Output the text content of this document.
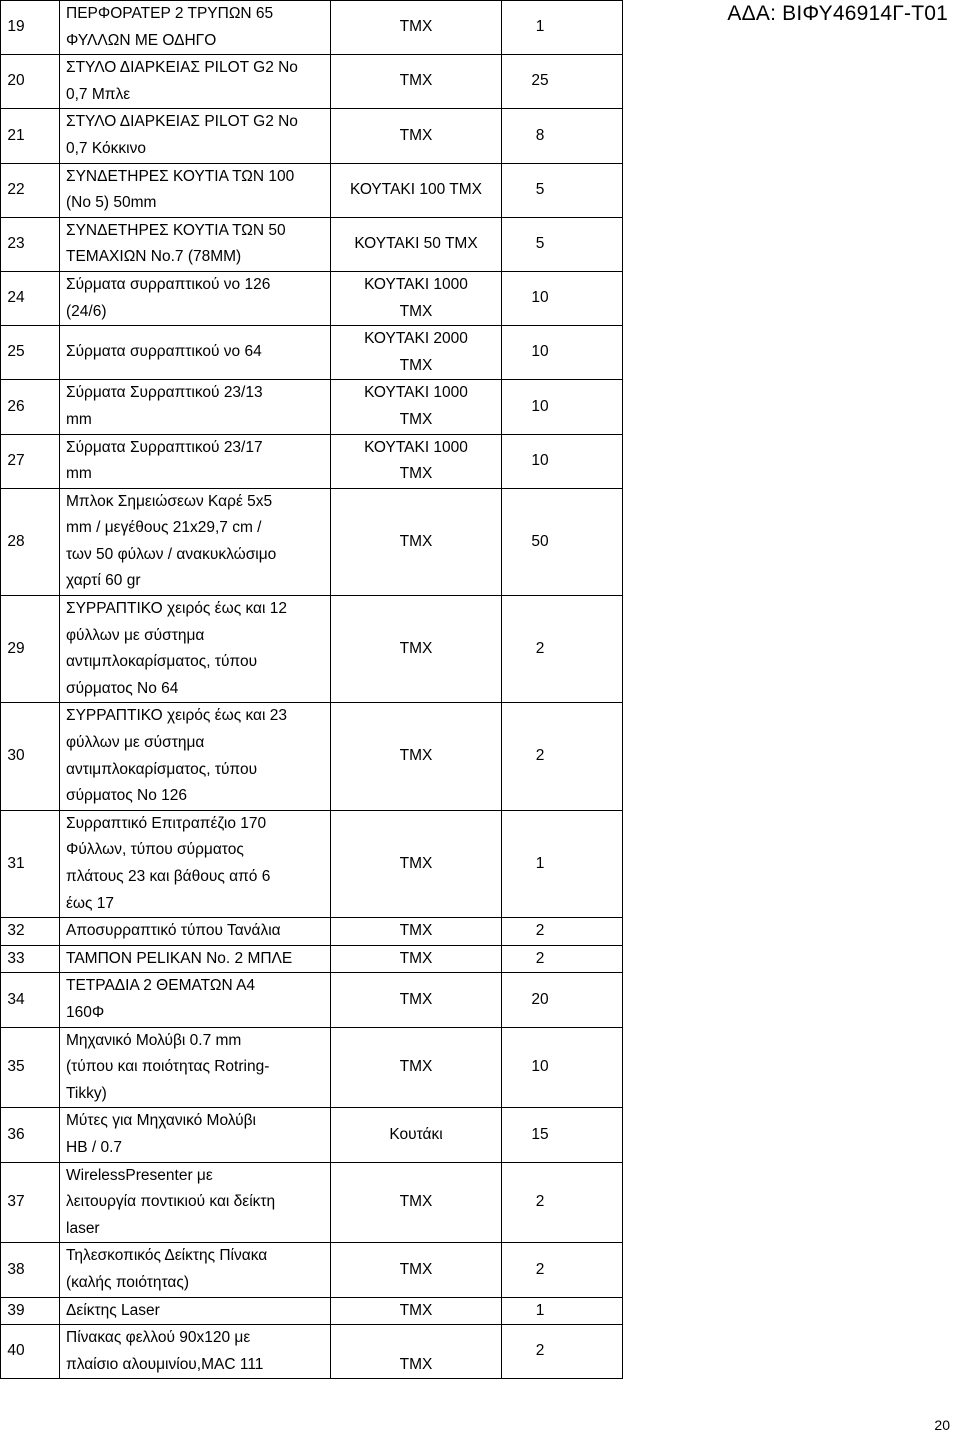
ΑΔΑ: ΒΙΦΥ46914Γ-Τ01
19	ΠΕΡΦΟΡΑΤΕΡ 2 ΤΡΥΠΩΝ 65
ΦΥΛΛΩΝ ΜΕ ΟΔΗΓΟ	ΤΜΧ	1
20	ΣΤΥΛΟ ΔΙΑΡΚΕΙΑΣ PILOT G2 No
0,7 Μπλε	ΤΜΧ	25
21	ΣΤΥΛΟ ΔΙΑΡΚΕΙΑΣ PILOT G2 No
0,7 Κόκκινο	ΤΜΧ	8
22	ΣΥΝΔΕΤΗΡΕΣ ΚΟΥΤΙΑ ΤΩΝ 100
(No 5) 50mm	ΚΟΥΤΑΚΙ 100 ΤΜΧ	5
23	ΣΥΝΔΕΤΗΡΕΣ ΚΟΥΤΙΑ ΤΩΝ 50
ΤΕΜΑΧΙΩΝ No.7 (78MM)	ΚΟΥΤΑΚΙ 50 ΤΜΧ	5
24	Σύρματα συρραπτικού νο 126
(24/6)	ΚΟΥΤΑΚΙ 1000
ΤΜΧ	10
25	Σύρματα συρραπτικού νο 64	ΚΟΥΤΑΚΙ 2000
ΤΜΧ	10
26	Σύρματα Συρραπτικού 23/13
mm	ΚΟΥΤΑΚΙ 1000
ΤΜΧ	10
27	Σύρματα Συρραπτικού 23/17
mm	ΚΟΥΤΑΚΙ 1000
ΤΜΧ	10
28	Μπλοκ Σημειώσεων Καρέ 5x5
mm / μεγέθους 21x29,7 cm /
των 50 φύλων / ανακυκλώσιμο
χαρτί 60 gr	ΤΜΧ	50
29	ΣΥΡΡΑΠΤΙΚΟ χειρός έως και 12
φύλλων με σύστημα
αντιμπλοκαρίσματος, τύπου
σύρματος Νο 64	ΤΜΧ	2
30	ΣΥΡΡΑΠΤΙΚΟ χειρός έως και 23
φύλλων με σύστημα
αντιμπλοκαρίσματος, τύπου
σύρματος Νο 126	ΤΜΧ	2
31	Συρραπτικό Επιτραπέζιο 170
Φύλλων, τύπου σύρματος
πλάτους 23 και βάθους από 6
έως 17	ΤΜΧ	1
32	Αποσυρραπτικό τύπου Τανάλια	ΤΜΧ	2
33	ΤΑΜΠΟΝ PELIKAN No. 2 ΜΠΛΕ	ΤΜΧ	2
34	ΤΕΤΡΑΔΙΑ 2 ΘΕΜΑΤΩΝ Α4
160Φ	ΤΜΧ	20
35	Μηχανικό Μολύβι 0.7 mm
(τύπου και ποιότητας Rotring-
Tikky)	ΤΜΧ	10
36	Μύτες για Μηχανικό Μολύβι
HB / 0.7	Κουτάκι	15
37	WirelessPresenter με
λειτουργία ποντικιού και δείκτη
laser	ΤΜΧ	2
38	Τηλεσκοπικός Δείκτης Πίνακα
(καλής ποιότητας)	ΤΜΧ	2
39	Δείκτης Laser	ΤΜΧ	1
40	Πίνακας φελλού 90x120 με
πλαίσιο αλουμινίου,MAC 111	
ΤΜΧ	2
20
